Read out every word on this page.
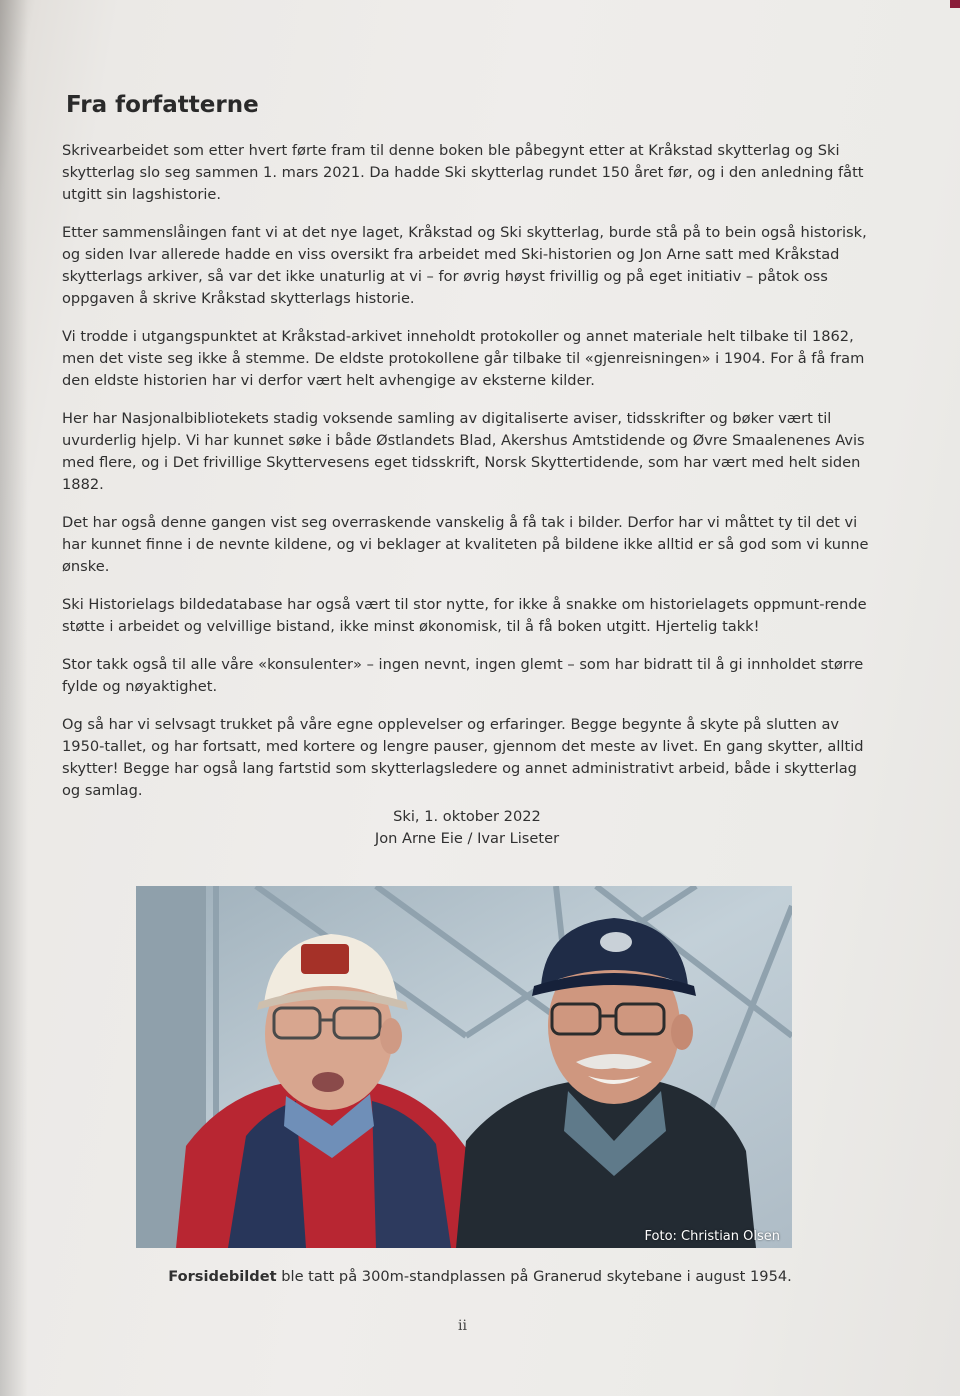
Fra forfatterne

Skrivearbeidet som etter hvert førte fram til denne boken ble påbegynt etter at Kråkstad skytterlag og Ski skytterlag slo seg sammen 1. mars 2021. Da hadde Ski skytterlag rundet 150 året før, og i den anledning fått utgitt sin lagshistorie.

Etter sammenslåingen fant vi at det nye laget, Kråkstad og Ski skytterlag, burde stå på to bein også historisk, og siden Ivar allerede hadde en viss oversikt fra arbeidet med Ski-historien og Jon Arne satt med Kråkstad skytterlags arkiver, så var det ikke unaturlig at vi – for øvrig høyst frivillig og på eget initiativ – påtok oss oppgaven å skrive Kråkstad skytterlags historie.

Vi trodde i utgangspunktet at Kråkstad-arkivet inneholdt protokoller og annet materiale helt tilbake til 1862, men det viste seg ikke å stemme. De eldste protokollene går tilbake til «gjenreisningen» i 1904. For å få fram den eldste historien har vi derfor vært helt avhengige av eksterne kilder.

Her har Nasjonalbibliotekets stadig voksende samling av digitaliserte aviser, tidsskrifter og bøker vært til uvurderlig hjelp. Vi har kunnet søke i både Østlandets Blad, Akershus Amtstidende og Øvre Smaalenenes Avis med flere, og i Det frivillige Skyttervesens eget tidsskrift, Norsk Skyttertidende, som har vært med helt siden 1882.

Det har også denne gangen vist seg overraskende vanskelig å få tak i bilder. Derfor har vi måttet ty til det vi har kunnet finne i de nevnte kildene, og vi beklager at kvaliteten på bildene ikke alltid er så god som vi kunne ønske.

Ski Historielags bildedatabase har også vært til stor nytte, for ikke å snakke om historielagets oppmunt-rende støtte i arbeidet og velvillige bistand, ikke minst økonomisk, til å få boken utgitt. Hjertelig takk!

Stor takk også til alle våre «konsulenter» – ingen nevnt, ingen glemt – som har bidratt til å gi innholdet større fylde og nøyaktighet.

Og så har vi selvsagt trukket på våre egne opplevelser og erfaringer. Begge begynte å skyte på slutten av 1950-tallet, og har fortsatt, med kortere og lengre pauser, gjennom det meste av livet. En gang skytter, alltid skytter! Begge har også lang fartstid som skytterlagsledere og annet administrativt arbeid, både i skytterlag og samlag.

Ski, 1. oktober 2022
Jon Arne Eie / Ivar Liseter
Foto: Christian Olsen
Forsidebildet ble tatt på 300m-standplassen på Granerud skytebane i august 1954.
ii
